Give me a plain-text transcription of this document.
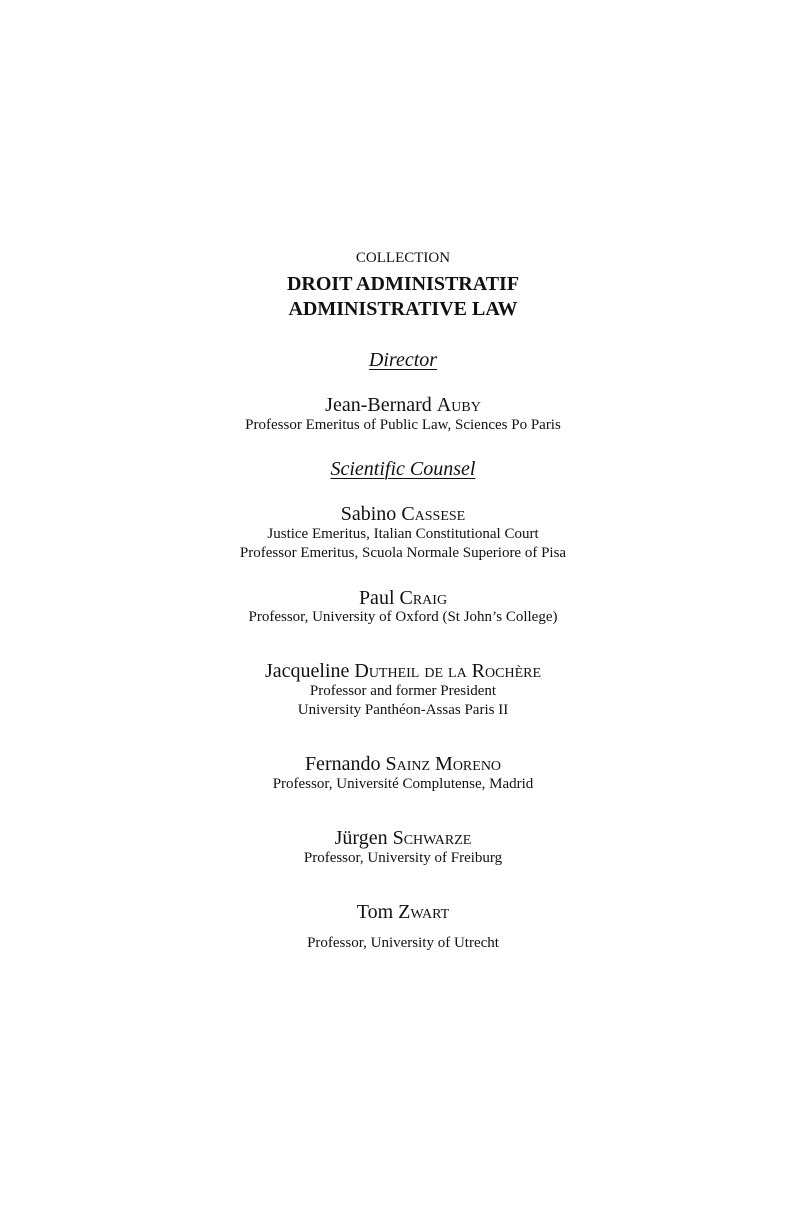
COLLECTION
DROIT ADMINISTRATIF
ADMINISTRATIVE LAW
Director
Jean-Bernard Auby
Professor Emeritus of Public Law, Sciences Po Paris
Scientific Counsel
Sabino Cassese
Justice Emeritus, Italian Constitutional Court
Professor Emeritus, Scuola Normale Superiore of Pisa
Paul Craig
Professor, University of Oxford (St John’s College)
Jacqueline Dutheil de la Rochère
Professor and former President
University Panthéon-Assas Paris II
Fernando Sainz Moreno
Professor, Université Complutense, Madrid
Jürgen Schwarze
Professor, University of Freiburg
Tom Zwart
Professor, University of Utrecht
